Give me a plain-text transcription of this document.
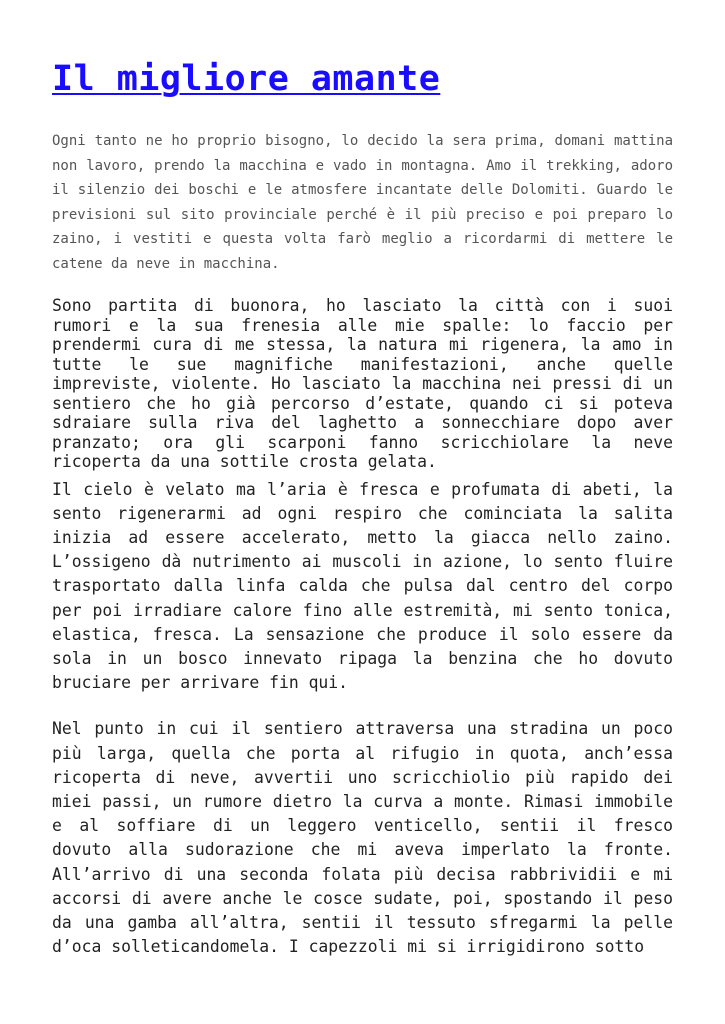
Il migliore amante

Ogni tanto ne ho proprio bisogno, lo decido la sera prima, domani mattina non lavoro, prendo la macchina e vado in montagna. Amo il trekking, adoro il silenzio dei boschi e le atmosfere incantate delle Dolomiti. Guardo le previsioni sul sito provinciale perché è il più preciso e poi preparo lo zaino, i vestiti e questa volta farò meglio a ricordarmi di mettere le catene da neve in macchina.

Sono partita di buonora, ho lasciato la città con i suoi rumori e la sua frenesia alle mie spalle: lo faccio per prendermi cura di me stessa, la natura mi rigenera, la amo in tutte le sue magnifiche manifestazioni, anche quelle impreviste, violente. Ho lasciato la macchina nei pressi di un sentiero che ho già percorso d’estate, quando ci si poteva sdraiare sulla riva del laghetto a sonnecchiare dopo aver pranzato; ora gli scarponi fanno scricchiolare la neve ricoperta da una sottile crosta gelata.

Il cielo è velato ma l’aria è fresca e profumata di abeti, la sento rigenerarmi ad ogni respiro che cominciata la salita inizia ad essere accelerato, metto la giacca nello zaino. L’ossigeno dà nutrimento ai muscoli in azione, lo sento fluire trasportato dalla linfa calda che pulsa dal centro del corpo per poi irradiare calore fino alle estremità, mi sento tonica, elastica, fresca. La sensazione che produce il solo essere da sola in un bosco innevato ripaga la benzina che ho dovuto bruciare per arrivare fin qui.

Nel punto in cui il sentiero attraversa una stradina un poco più larga, quella che porta al rifugio in quota, anch’essa ricoperta di neve, avvertii uno scricchiolio più rapido dei miei passi, un rumore dietro la curva a monte. Rimasi immobile e al soffiare di un leggero venticello, sentii il fresco dovuto alla sudorazione che mi aveva imperlato la fronte. All’arrivo di una seconda folata più decisa rabbrividii e mi accorsi di avere anche le cosce sudate, poi, spostando il peso da una gamba all’altra, sentii il tessuto sfregarmi la pelle d’oca solleticandomela. I capezzoli mi si irrigidirono sotto
